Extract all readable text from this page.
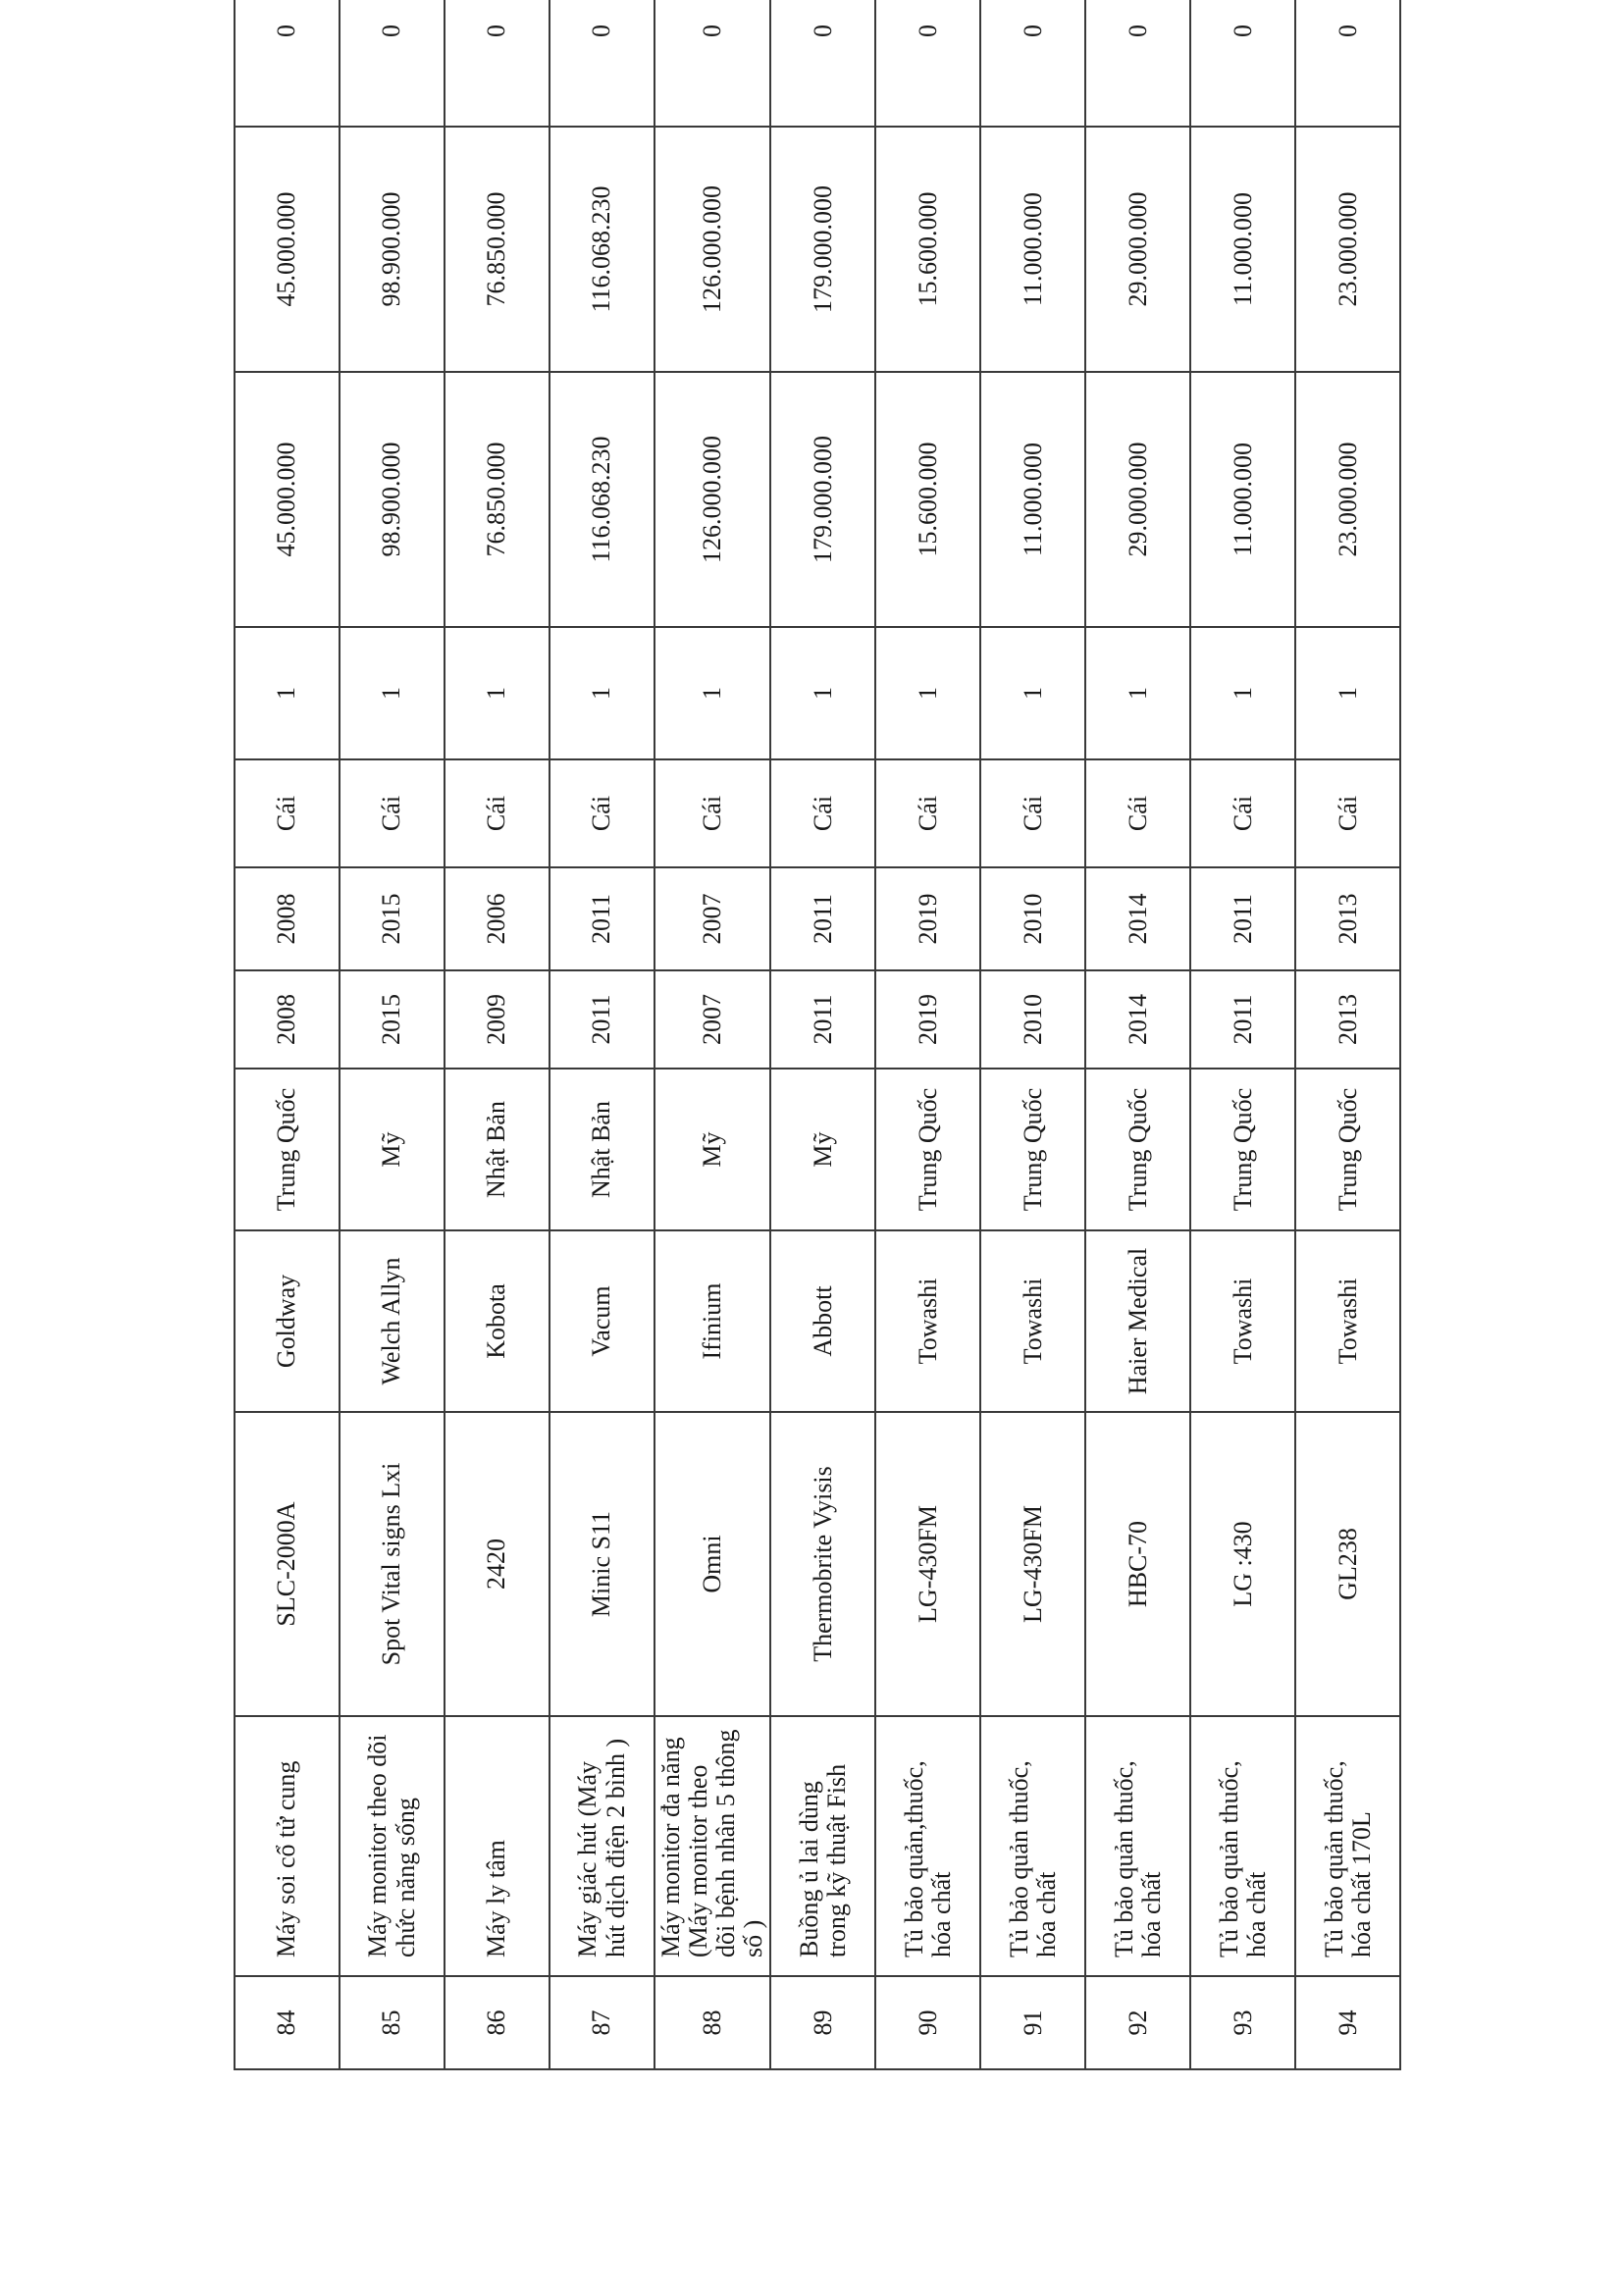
84	Máy soi cổ tử cung	SLC-2000A	Goldway	Trung Quốc	2008	2008	Cái	1	45.000.000	45.000.000	0
85	Máy monitor theo dõi chức năng sống	Spot Vital signs Lxi	Welch Allyn	Mỹ	2015	2015	Cái	1	98.900.000	98.900.000	0
86	Máy ly tâm	2420	Kobota	Nhật Bản	2009	2006	Cái	1	76.850.000	76.850.000	0
87	Máy giác hút (Máy hút dịch điện 2 bình )	Minic S11	Vacum	Nhật Bản	2011	2011	Cái	1	116.068.230	116.068.230	0
88	Máy monitor đa năng (Máy monitor theo dõi bệnh nhân 5 thông số )	Omni	Ifinium	Mỹ	2007	2007	Cái	1	126.000.000	126.000.000	0
89	Buồng ủ lai dùng trong kỹ thuật Fish	Thermobrite Vyisis	Abbott	Mỹ	2011	2011	Cái	1	179.000.000	179.000.000	0
90	Tủ bảo quản,thuốc, hóa chất	LG-430FM	Towashi	Trung Quốc	2019	2019	Cái	1	15.600.000	15.600.000	0
91	Tủ bảo quản thuốc, hóa chất	LG-430FM	Towashi	Trung Quốc	2010	2010	Cái	1	11.000.000	11.000.000	0
92	Tủ bảo quản thuốc, hóa chất	HBC-70	Haier Medical	Trung Quốc	2014	2014	Cái	1	29.000.000	29.000.000	0
93	Tủ bảo quản thuốc, hóa chất	LG :430	Towashi	Trung Quốc	2011	2011	Cái	1	11.000.000	11.000.000	0
94	Tủ bảo quản thuốc, hóa chất 170L	GL238	Towashi	Trung Quốc	2013	2013	Cái	1	23.000.000	23.000.000	0
